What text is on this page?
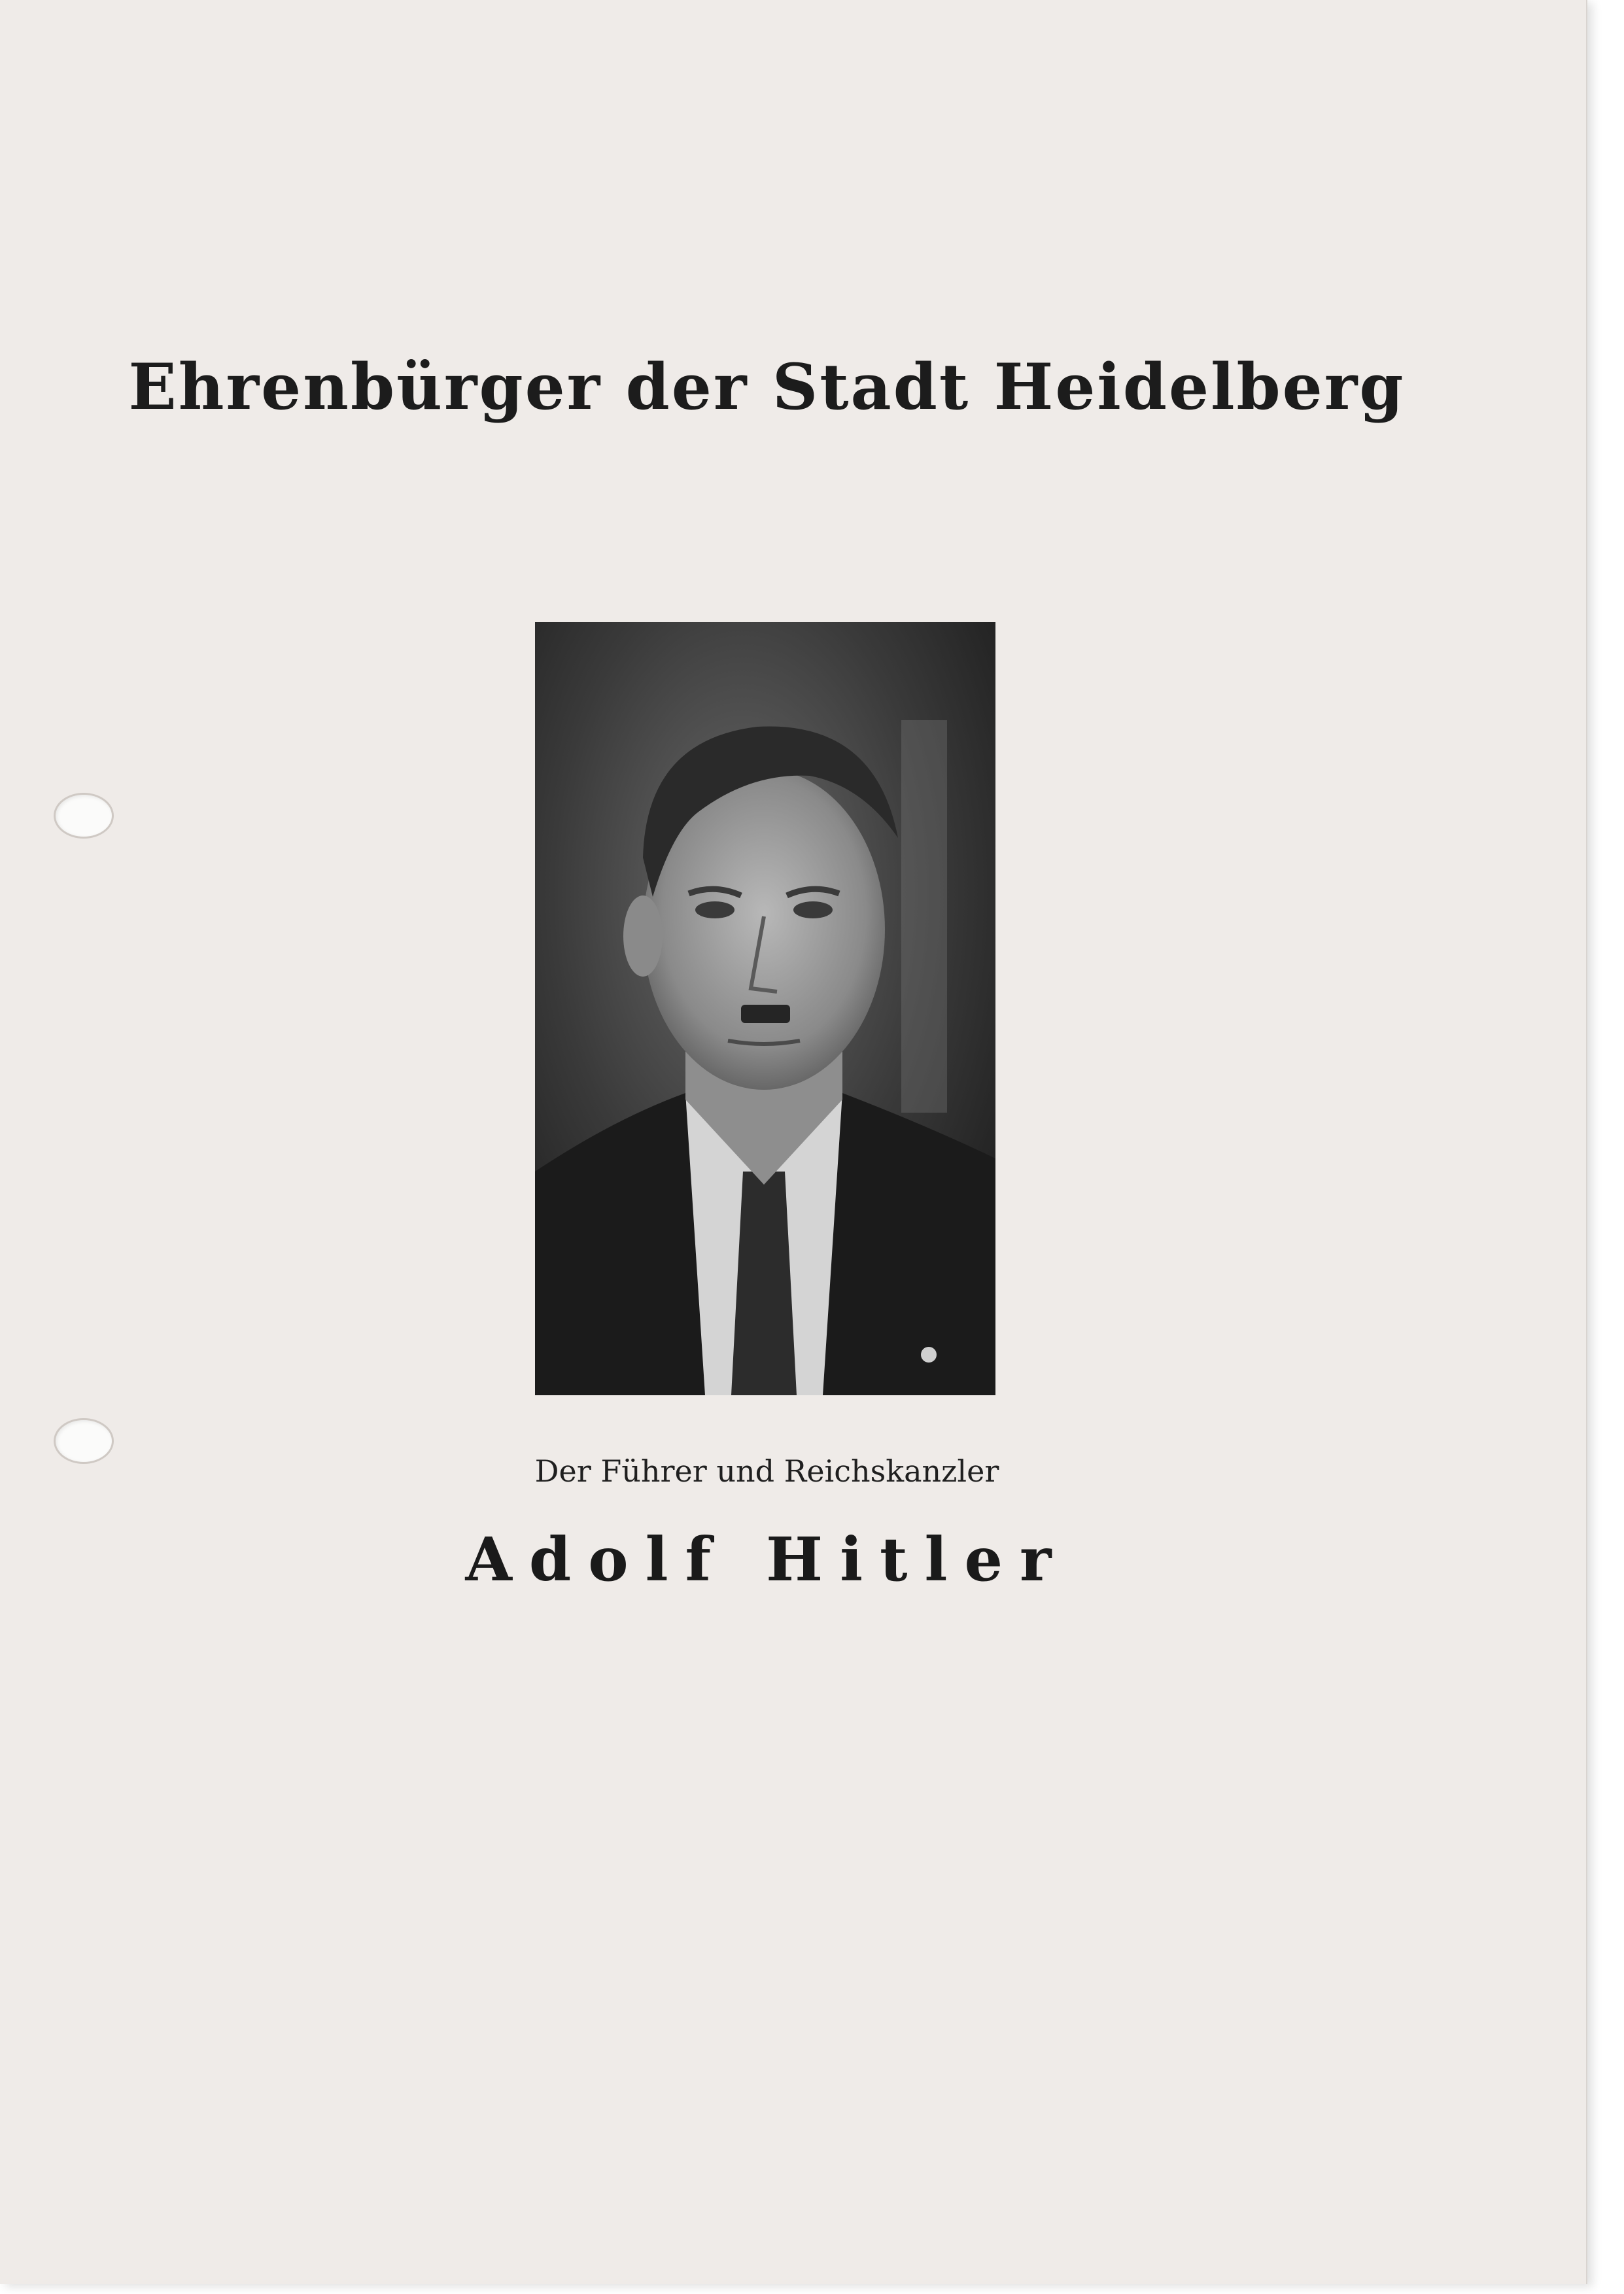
Ehrenbürger der Stadt Heidelberg
Der Führer und Reichskanzler
Adolf Hitler
